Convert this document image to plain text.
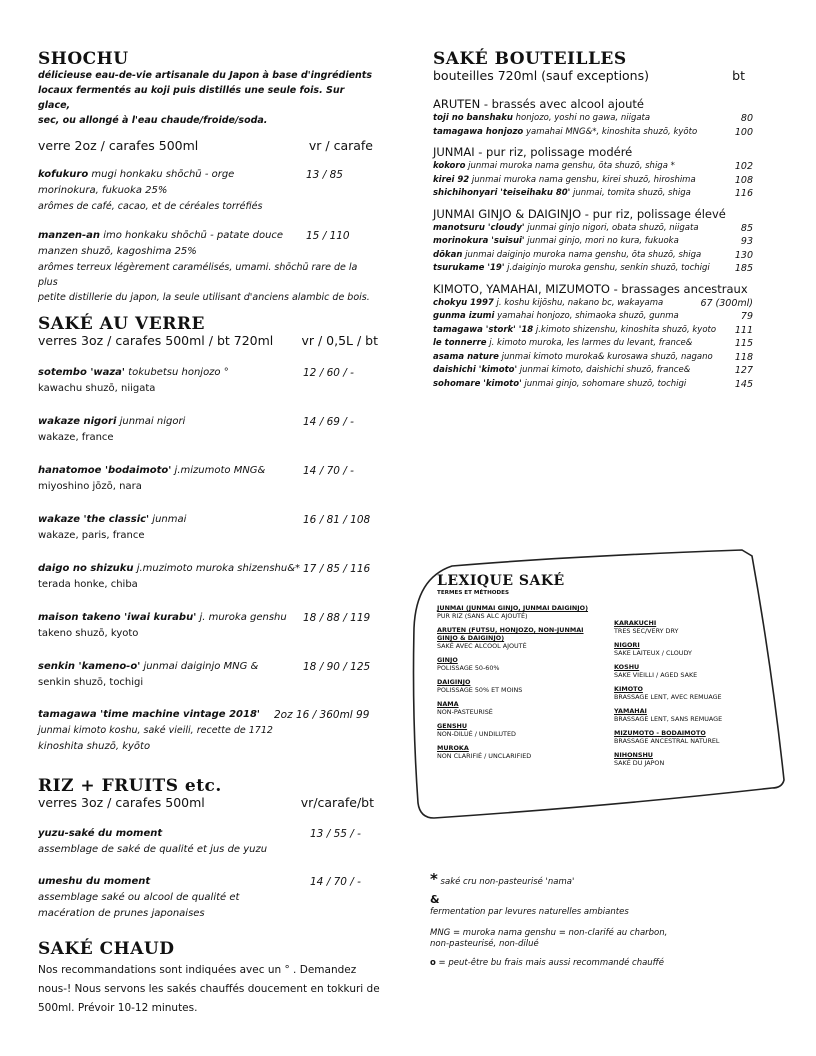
SHOCHU
délicieuse eau-de-vie artisanale du Japon à base d'ingrédients
locaux fermentés au koji puis distillés une seule fois. Sur glace,
sec, ou allongé à l'eau chaude/froide/soda.
verre 2oz / carafes 500ml	vr / carafe
kofukuro mugi honkaku shōchū - orge	13 / 85
morinokura, fukuoka 25%
arômes de café, cacao, et de céréales torréfiés
manzen-an imo honkaku shōchū - patate douce 15 / 110
manzen shuzō, kagoshima 25%
arômes terreux légèrement caramélisés, umami. shōchū rare de la plus
petite distillerie du japon, la seule utilisant d'anciens alambic de bois.
SAKÉ AU VERRE
verres 3oz / carafes 500ml / bt 720ml vr / 0,5L / bt
sotembo 'waza' tokubetsu honjozo °	12 / 60 / -
kawachu shuzō, niigata
wakaze nigori junmai nigori	14 / 69 / -
wakaze, france
hanatomoe 'bodaimoto' j.mizumoto MNG&	14 / 70 / -
miyoshino jōzō, nara
wakaze 'the classic' junmai	16 / 81 / 108
wakaze, paris, france
daigo no shizuku j.muzimoto muroka shizenshu&* 17 / 85 / 116
terada honke, chiba
maison takeno 'iwai kurabu' j. muroka genshu 18 / 88 / 119
takeno shuzō, kyoto
senkin 'kameno-o' junmai daiginjo MNG &	18 / 90 / 125
senkin shuzō, tochigi
tamagawa 'time machine vintage 2018' 2oz 16 / 360ml 99
junmai kimoto koshu, saké vieili, recette de 1712
kinoshita shuzō, kyōto
RIZ + FRUITS etc.
verres 3oz / carafes 500ml	vr/carafe/bt
yuzu-saké du moment	13 / 55 / -
assemblage de saké de qualité et jus de yuzu
umeshu du moment	14 / 70 / -
assemblage saké ou alcool de qualité et
macération de prunes japonaises
SAKÉ CHAUD
Nos recommandations sont indiquées avec un ° . Demandez
nous-! Nous servons les sakés chauffés doucement en tokkuri de
500ml. Prévoir 10-12 minutes.
SAKÉ BOUTEILLES
bouteilles 720ml (sauf exceptions)	bt
ARUTEN - brassés avec alcool ajouté
toji no banshaku honjozo, yoshi no gawa, niigata	80
tamagawa honjozo yamahai MNG&*, kinoshita shuzō, kyōto	100
JUNMAI - pur riz, polissage modéré
kokoro junmai muroka nama genshu, ōta shuzō, shiga *	102
kirei 92 junmai muroka nama genshu, kirei shuzō, hiroshima	108
shichihonyari 'teiseihaku 80' junmai, tomita shuzō, shiga	116
JUNMAI GINJO & DAIGINJO - pur riz, polissage élevé
manotsuru 'cloudy' junmai ginjo nigori, obata shuzō, niigata	85
morinokura 'suisui' junmai ginjo, mori no kura, fukuoka	93
dōkan junmai daiginjo muroka nama genshu, ōta shuzō, shiga	130
tsurukame '19' j.daiginjo muroka genshu, senkin shuzō, tochigi	185
KIMOTO, YAMAHAI, MIZUMOTO - brassages ancestraux
chokyu 1997 j. koshu kijōshu, nakano bc, wakayama	67 (300ml)
gunma izumi yamahai honjozo, shimaoka shuzō, gunma	79
tamagawa 'stork' '18 j.kimoto shizenshu, kinoshita shuzō, kyoto 111
le tonnerre j. kimoto muroka, les larmes du levant, france&	115
asama nature junmai kimoto muroka& kurosawa shuzō, nagano 118
daishichi 'kimoto' junmai kimoto, daishichi shuzō, france&	127
sohomare 'kimoto' junmai ginjo, sohomare shuzō, tochigi	145
LEXIQUE SAKÉ
TERMES ET MÉTHODES
JUNMAI (JUNMAI GINJO, JUNMAI DAIGINJO)
PUR RIZ (SANS ALC AJOUTÉ)
ARUTEN (FUTSU, HONJOZO, NON-JUNMAI GINJO & DAIGINJO)
SAKÉ AVEC ALCOOL AJOUTÉ
GINJO
POLISSAGE 50-60%
DAIGINJO
POLISSAGE 50% ET MOINS
NAMA
NON-PASTEURISÉ
GENSHU
NON-DILUÉ / UNDILUTED
MUROKA
NON CLARIFIÉ / UNCLARIFIED
KARAKUCHI
TRES SEC/VERY DRY
NIGORI
SAKE LAITEUX / CLOUDY
KOSHU
SAKE VIEILLI / AGED SAKE
KIMOTO
BRASSAGE LENT, AVEC REMUAGE
YAMAHAI
BRASSAGE LENT, SANS REMUAGE
MIZUMOTO - BODAIMOTO
BRASSAGE ANCESTRAL NATUREL
NIHONSHU
SAKÉ DU JAPON
* saké cru non-pasteurisé 'nama'
&
fermentation par levures naturelles ambiantes
MNG = muroka nama genshu = non-clarifé au charbon,
non-pasteurisé, non-dilué
o = peut-être bu frais mais aussi recommandé chauffé
